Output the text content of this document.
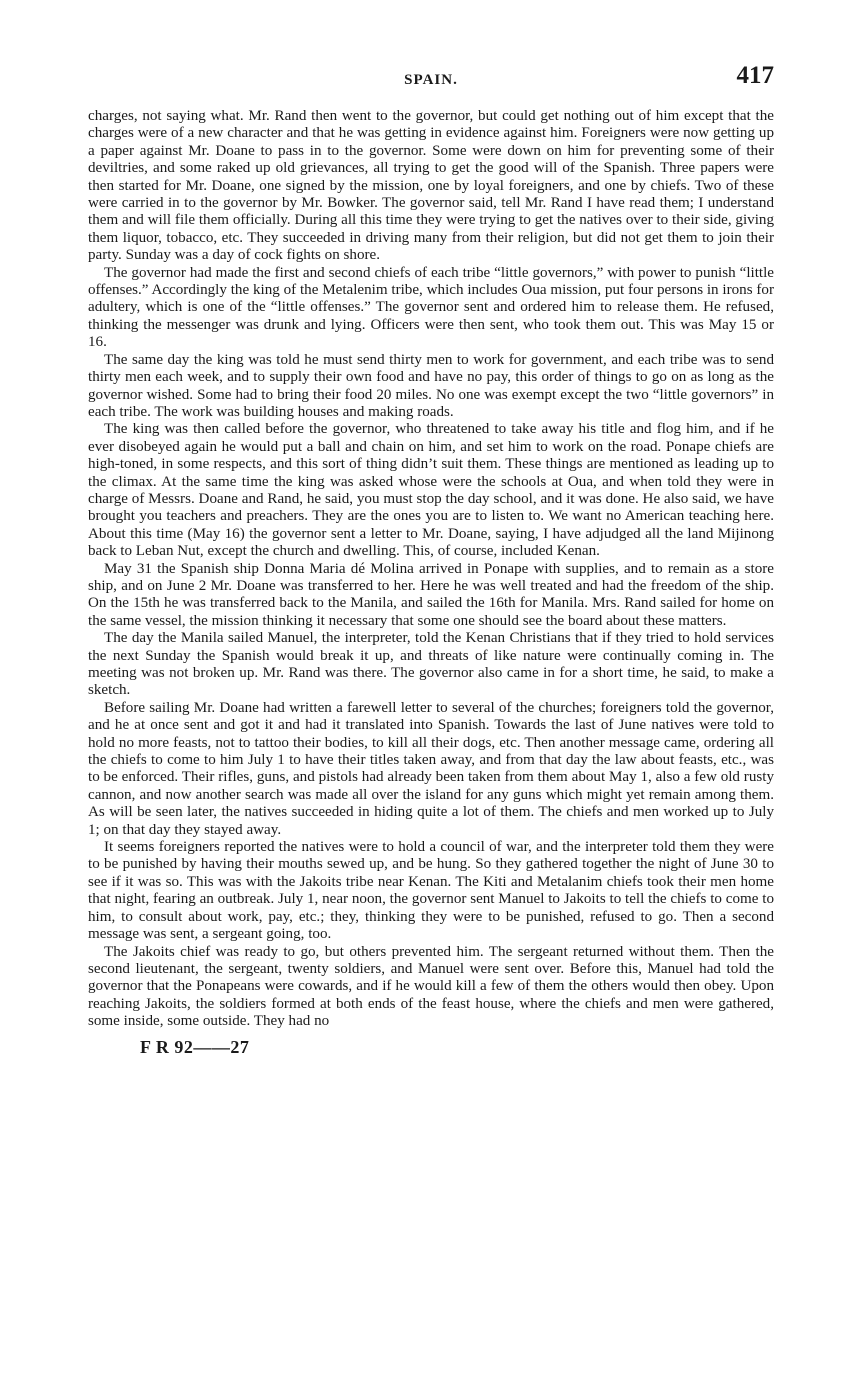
SPAIN.	417

charges, not saying what. Mr. Rand then went to the governor, but could get nothing out of him except that the charges were of a new character and that he was getting in evidence against him. Foreigners were now getting up a paper against Mr. Doane to pass in to the governor. Some were down on him for preventing some of their deviltries, and some raked up old grievances, all trying to get the good will of the Spanish. Three papers were then started for Mr. Doane, one signed by the mission, one by loyal foreigners, and one by chiefs. Two of these were carried in to the governor by Mr. Bowker. The governor said, tell Mr. Rand I have read them; I understand them and will file them officially. During all this time they were trying to get the natives over to their side, giving them liquor, tobacco, etc. They succeeded in driving many from their religion, but did not get them to join their party. Sunday was a day of cock fights on shore.

The governor had made the first and second chiefs of each tribe “little governors,” with power to punish “little offenses.” Accordingly the king of the Metalenim tribe, which includes Oua mission, put four persons in irons for adultery, which is one of the “little offenses.” The governor sent and ordered him to release them. He refused, thinking the messenger was drunk and lying. Officers were then sent, who took them out. This was May 15 or 16.

The same day the king was told he must send thirty men to work for government, and each tribe was to send thirty men each week, and to supply their own food and have no pay, this order of things to go on as long as the governor wished. Some had to bring their food 20 miles. No one was exempt except the two “little governors” in each tribe. The work was building houses and making roads.

The king was then called before the governor, who threatened to take away his title and flog him, and if he ever disobeyed again he would put a ball and chain on him, and set him to work on the road. Ponape chiefs are high-toned, in some respects, and this sort of thing didn’t suit them. These things are mentioned as leading up to the climax. At the same time the king was asked whose were the schools at Oua, and when told they were in charge of Messrs. Doane and Rand, he said, you must stop the day school, and it was done. He also said, we have brought you teachers and preachers. They are the ones you are to listen to. We want no American teaching here. About this time (May 16) the governor sent a letter to Mr. Doane, saying, I have adjudged all the land Mijinong back to Leban Nut, except the church and dwelling. This, of course, included Kenan.

May 31 the Spanish ship Donna Maria dé Molina arrived in Ponape with supplies, and to remain as a store ship, and on June 2 Mr. Doane was transferred to her. Here he was well treated and had the freedom of the ship. On the 15th he was transferred back to the Manila, and sailed the 16th for Manila. Mrs. Rand sailed for home on the same vessel, the mission thinking it necessary that some one should see the board about these matters.

The day the Manila sailed Manuel, the interpreter, told the Kenan Christians that if they tried to hold services the next Sunday the Spanish would break it up, and threats of like nature were continually coming in. The meeting was not broken up. Mr. Rand was there. The governor also came in for a short time, he said, to make a sketch.

Before sailing Mr. Doane had written a farewell letter to several of the churches; foreigners told the governor, and he at once sent and got it and had it translated into Spanish. Towards the last of June natives were told to hold no more feasts, not to tattoo their bodies, to kill all their dogs, etc. Then another message came, ordering all the chiefs to come to him July 1 to have their titles taken away, and from that day the law about feasts, etc., was to be enforced. Their rifles, guns, and pistols had already been taken from them about May 1, also a few old rusty cannon, and now another search was made all over the island for any guns which might yet remain among them. As will be seen later, the natives succeeded in hiding quite a lot of them. The chiefs and men worked up to July 1; on that day they stayed away.

It seems foreigners reported the natives were to hold a council of war, and the interpreter told them they were to be punished by having their mouths sewed up, and be hung. So they gathered together the night of June 30 to see if it was so. This was with the Jakoits tribe near Kenan. The Kiti and Metalanim chiefs took their men home that night, fearing an outbreak. July 1, near noon, the governor sent Manuel to Jakoits to tell the chiefs to come to him, to consult about work, pay, etc.; they, thinking they were to be punished, refused to go. Then a second message was sent, a sergeant going, too.

The Jakoits chief was ready to go, but others prevented him. The sergeant returned without them. Then the second lieutenant, the sergeant, twenty soldiers, and Manuel were sent over. Before this, Manuel had told the governor that the Ponapeans were cowards, and if he would kill a few of them the others would then obey. Upon reaching Jakoits, the soldiers formed at both ends of the feast house, where the chiefs and men were gathered, some inside, some outside. They had no

F R 92——27
